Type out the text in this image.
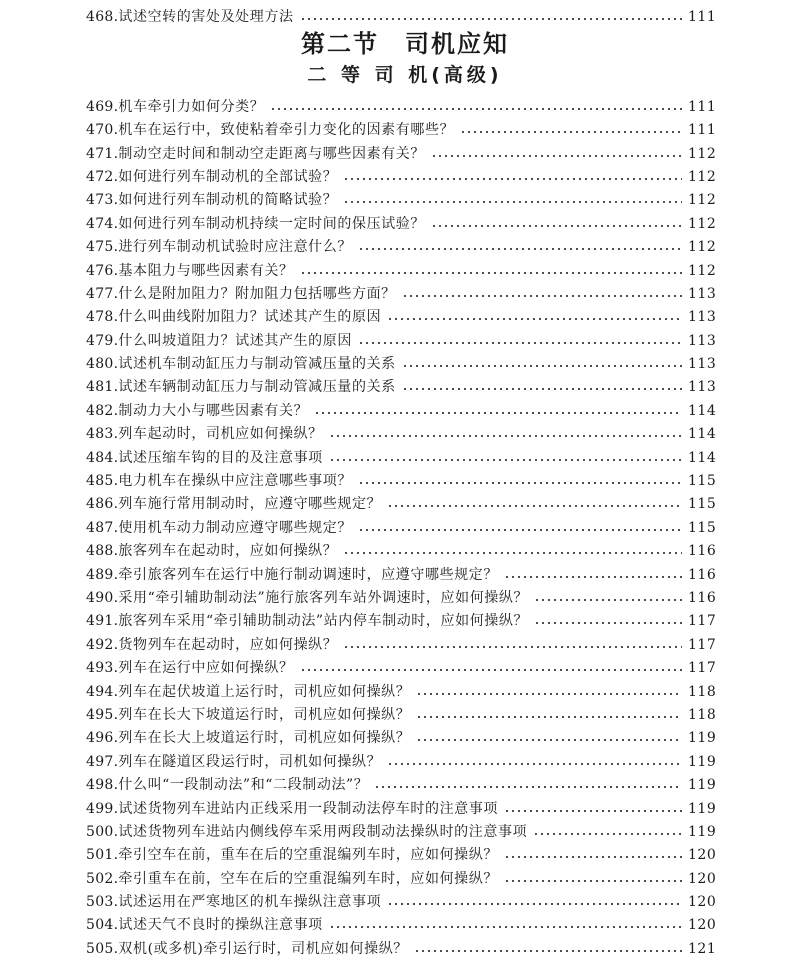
468. 试述空转的害处及处理方法	111
第二节　司机应知
二 等 司 机(高级)
469. 机车牵引力如何分类？	111
470. 机车在运行中，致使粘着牵引力变化的因素有哪些？	111
471. 制动空走时间和制动空走距离与哪些因素有关？	112
472. 如何进行列车制动机的全部试验？	112
473. 如何进行列车制动机的简略试验？	112
474. 如何进行列车制动机持续一定时间的保压试验？	112
475. 进行列车制动机试验时应注意什么？	112
476. 基本阻力与哪些因素有关？	112
477. 什么是附加阻力？附加阻力包括哪些方面？	113
478. 什么叫曲线附加阻力？试述其产生的原因	113
479. 什么叫坡道阻力？试述其产生的原因	113
480. 试述机车制动缸压力与制动管减压量的关系	113
481. 试述车辆制动缸压力与制动管减压量的关系	113
482. 制动力大小与哪些因素有关？	114
483. 列车起动时，司机应如何操纵？	114
484. 试述压缩车钩的目的及注意事项	114
485. 电力机车在操纵中应注意哪些事项？	115
486. 列车施行常用制动时，应遵守哪些规定？	115
487. 使用机车动力制动应遵守哪些规定？	115
488. 旅客列车在起动时，应如何操纵？	116
489. 牵引旅客列车在运行中施行制动调速时，应遵守哪些规定？	116
490. 采用“牵引辅助制动法”施行旅客列车站外调速时，应如何操纵？	116
491. 旅客列车采用“牵引辅助制动法”站内停车制动时，应如何操纵？	117
492. 货物列车在起动时，应如何操纵？	117
493. 列车在运行中应如何操纵？	117
494. 列车在起伏坡道上运行时，司机应如何操纵？	118
495. 列车在长大下坡道运行时，司机应如何操纵？	118
496. 列车在长大上坡道运行时，司机应如何操纵？	119
497. 列车在隧道区段运行时，司机如何操纵？	119
498. 什么叫“一段制动法”和“二段制动法”？	119
499. 试述货物列车进站内正线采用一段制动法停车时的注意事项	119
500. 试述货物列车进站内侧线停车采用两段制动法操纵时的注意事项	119
501. 牵引空车在前，重车在后的空重混编列车时，应如何操纵？	120
502. 牵引重车在前，空车在后的空重混编列车时，应如何操纵？	120
503. 试述运用在严寒地区的机车操纵注意事项	120
504. 试述天气不良时的操纵注意事项	120
505. 双机(或多机)牵引运行时，司机应如何操纵？	121
